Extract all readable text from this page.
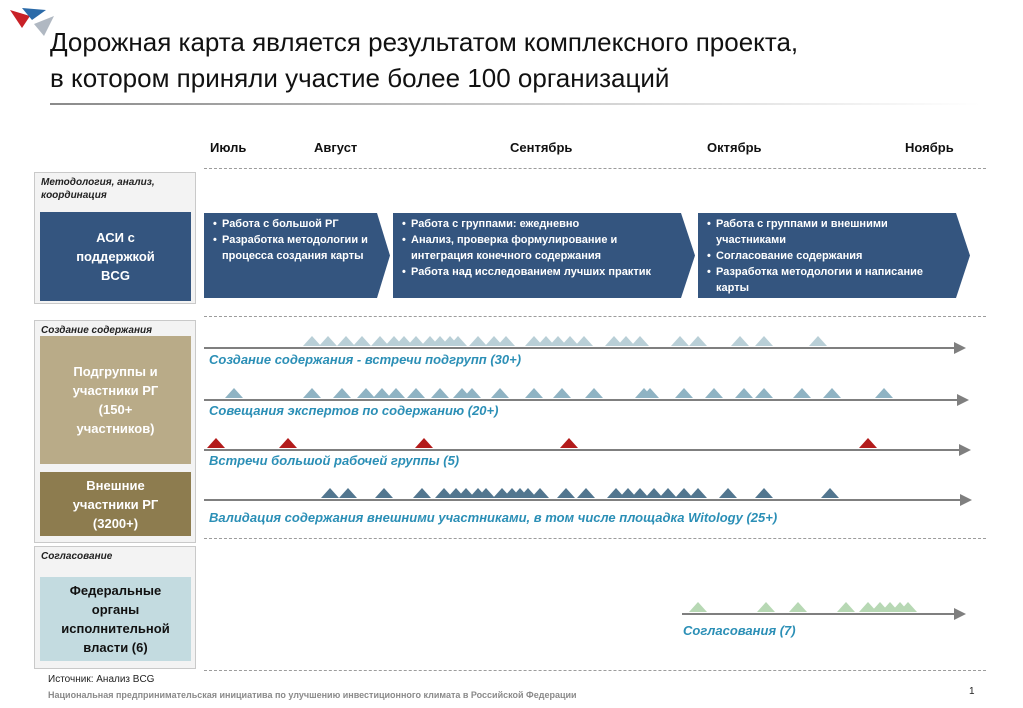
Дорожная карта является результатом комплексного проекта,
в котором приняли участие более 100 организаций
Июль	Август	Сентябрь	Октябрь	Ноябрь
Методология, анализ, координация
АСИ с
поддержкой
BCG
• Работа с большой РГ
• Разработка методологии и процесса создания карты
• Работа с группами: ежедневно
• Анализ, проверка формулирование и интеграция конечного содержания
• Работа над исследованием лучших практик
• Работа с группами и внешними участниками
• Согласование содержания
• Разработка методологии и написание карты
Создание содержания
Подгруппы и
участники РГ
(150+
участников)
Внешние
участники РГ
(3200+)
Согласование
Федеральные
органы
исполнительной
власти (6)
Создание содержания - встречи подгрупп (30+)
Совещания экспертов по содержанию (20+)
Встречи большой рабочей группы (5)
Валидация содержания внешними участниками, в том числе площадка Witology (25+)
Согласования (7)
Источник: Анализ BCG
Национальная предпринимательская инициатива по улучшению инвестиционного климата в Российской Федерации	1
